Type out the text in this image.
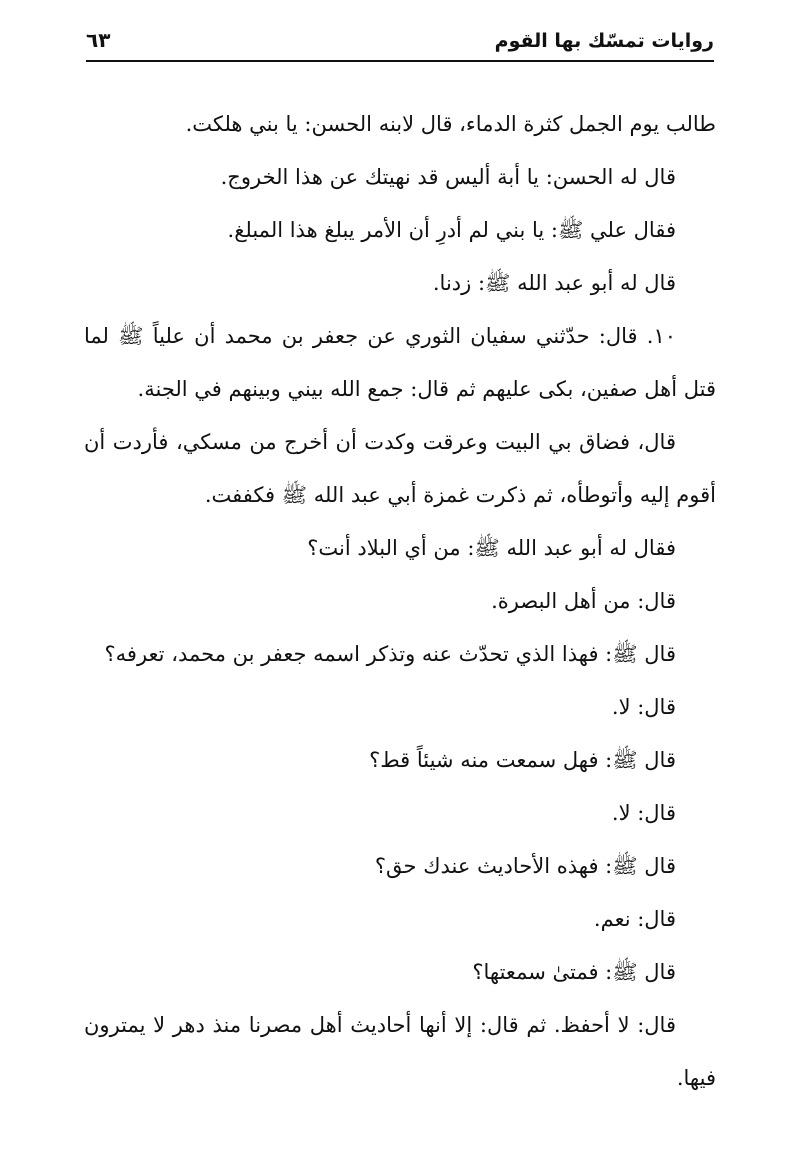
روايات تمسّك بها القوم
٦٣

طالب يوم الجمل كثرة الدماء، قال لابنه الحسن: يا بني هلكت.

قال له الحسن: يا أبة أليس قد نهيتك عن هذا الخروج.

فقال علي ﷺ: يا بني لم أدرِ أن الأمر يبلغ هذا المبلغ.

قال له أبو عبد الله ﷺ: زدنا.

١٠. قال: حدّثني سفيان الثوري عن جعفر بن محمد أن علياً ﷺ لما قتل أهل صفين، بكى عليهم ثم قال: جمع الله بيني وبينهم في الجنة.

قال، فضاق بي البيت وعرقت وكدت أن أخرج من مسكي، فأردت أن أقوم إليه وأتوطأه، ثم ذكرت غمزة أبي عبد الله ﷺ فكففت.

فقال له أبو عبد الله ﷺ: من أي البلاد أنت؟

قال: من أهل البصرة.

قال ﷺ: فهذا الذي تحدّث عنه وتذكر اسمه جعفر بن محمد، تعرفه؟

قال: لا.

قال ﷺ: فهل سمعت منه شيئاً قط؟

قال: لا.

قال ﷺ: فهذه الأحاديث عندك حق؟

قال: نعم.

قال ﷺ: فمتىٰ سمعتها؟

قال: لا أحفظ. ثم قال: إلا أنها أحاديث أهل مصرنا منذ دهر لا يمترون فيها.
